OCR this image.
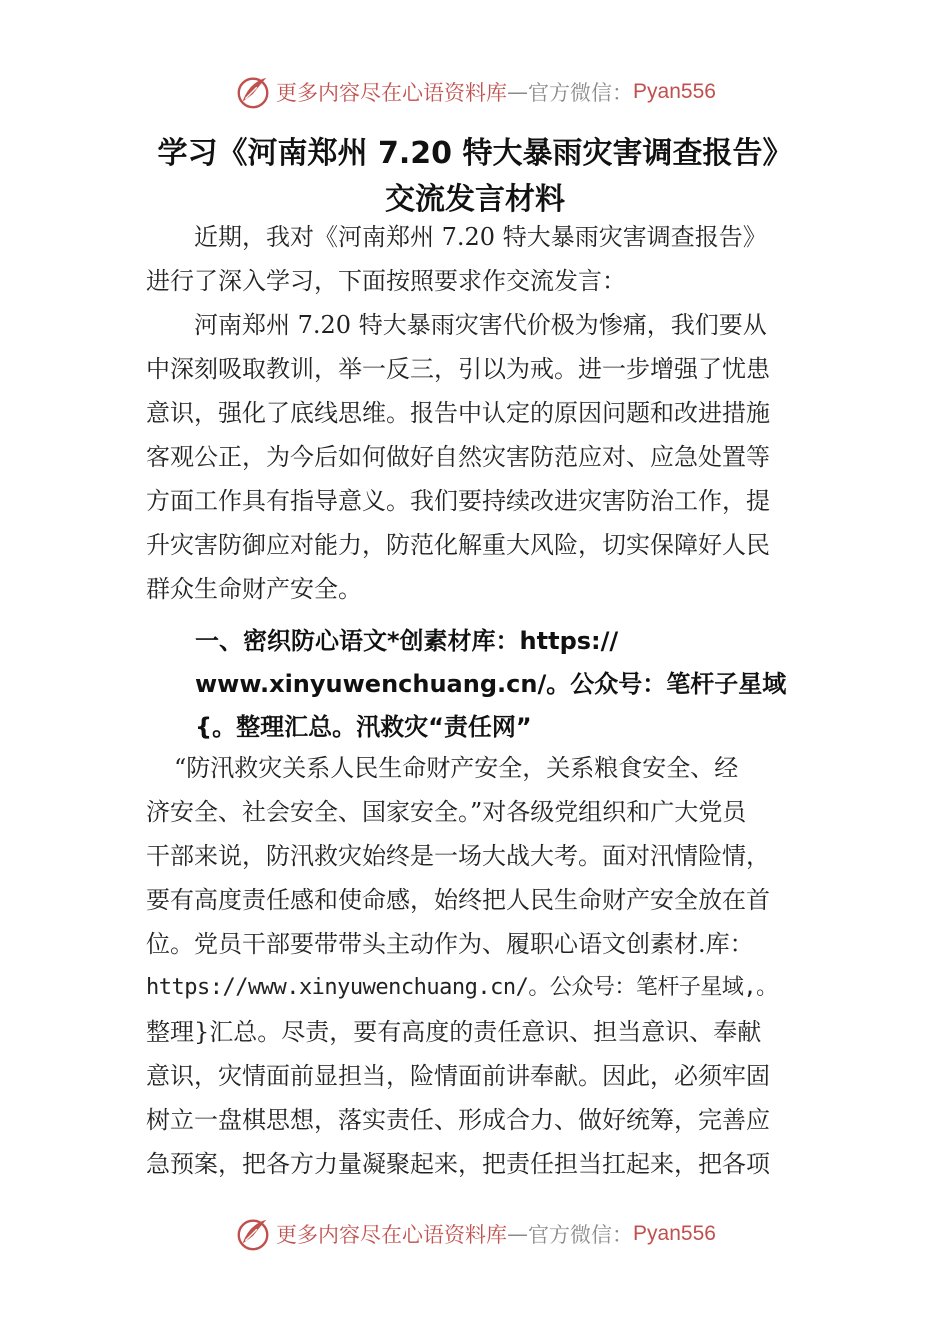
更多内容尽在心语资料库 — 官方微信 ： Pyan556
学习《河南郑州 7.20 特大暴雨灾害调查报告》
交流发言材料
近期，我对《河南郑州 7.20 特大暴雨灾害调查报告》
进行了深入学习，下面按照要求作交流发言：
河南郑州 7.20 特大暴雨灾害代价极为惨痛，我们要从
中深刻吸取教训，举一反三，引以为戒。进一步增强了忧患
意识，强化了底线思维。报告中认定的原因问题和改进措施
客观公正，为今后如何做好自然灾害防范应对、应急处置等
方面工作具有指导意义。我们要持续改进灾害防治工作，提
升灾害防御应对能力，防范化解重大风险，切实保障好人民
群众生命财产安全。
一、密织防心语文*创素材库：https://
www.xinyuwenchuang.cn/。公众号：笔杆子星域
{。整理汇总。汛救灾“责任网”
“防汛救灾关系人民生命财产安全，关系粮食安全、经
济安全、社会安全、国家安全。”对各级党组织和广大党员
干部来说，防汛救灾始终是一场大战大考。面对汛情险情，
要有高度责任感和使命感，始终把人民生命财产安全放在首
位。党员干部要带带头主动作为、履职心语文创素材.库：
https://www.xinyuwenchuang.cn/。公众号：笔杆子星域,。
整理}汇总。尽责，要有高度的责任意识、担当意识、奉献
意识，灾情面前显担当，险情面前讲奉献。因此，必须牢固
树立一盘棋思想，落实责任、形成合力、做好统筹，完善应
急预案，把各方力量凝聚起来，把责任担当扛起来，把各项
更多内容尽在心语资料库 — 官方微信 ： Pyan556
